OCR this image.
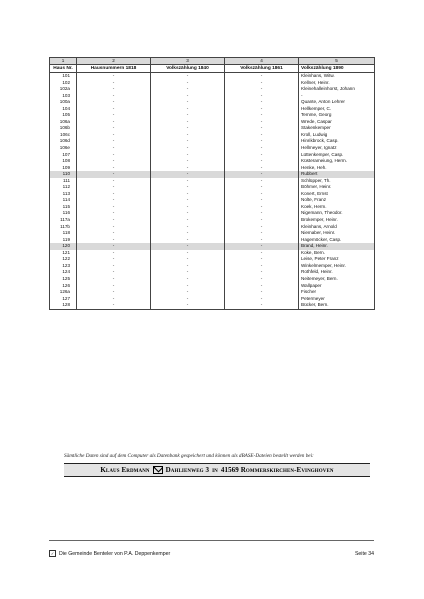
1	2	3	4	5
Haus Nr.	Hausnummern 1818	Volkszählung 1840	Volkszählung 1861	Volkszählung 1890
101	-	-	-	Kleinhans, Witw.
102	-	-	-	Kellner, Heinr.
102a	-	-	-	Kleinehalleinhorst, Johann
103	-	-	-	-
100a	-	-	-	Quante, Anton Lehrer
104	-	-	-	Hellkemper, C.
105	-	-	-	Temme, Georg
106a	-	-	-	Wrede, Caspar
106b	-	-	-	Stakenkemper
106c	-	-	-	Kroll, Ludwig
106d	-	-	-	Hinrikbrock, Casp.
106e	-	-	-	Hellmeyer, Ignatz
107	-	-	-	Lüttenkemper, Casp.
108	-	-	-	Küsterameiung, Herm.
109	-	-	-	Henke, Heh.
110	-	-	-	Rubbert
111	-	-	-	Schlüpper, Th.
112	-	-	-	Böhmer, Heinr.
113	-	-	-	Konert, Ernst
114	-	-	-	Nolte, Franz
115	-	-	-	Koek, Herm.
116	-	-	-	Nigemann, Theodor.
117a	-	-	-	Brokemper, Heinr.
117b	-	-	-	Kleinhans, Arnold
118	-	-	-	Niemaber, Heinr.
119	-	-	-	Hagemöcker, Casp.
120	-	-	-	Brand, Heinr.
121	-	-	-	Koke, Bern.
122	-	-	-	Leise, Peter Franz
123	-	-	-	Winkelmemper, Heinr.
124	-	-	-	Rothfeld, Heinr.
125	-	-	-	Neitemeyer, Bern.
126	-	-	-	Wallpaper
126a	-	-	-	Fischer
127	-	-	-	Petermeyer
128	-	-	-	Bücker, Bern.
Sämtliche Daten sind auf dem Computer als Datenbank gespeichert und können als dBASE-Dateien bestellt werden bei:
Klaus Erdmann Dahlienweg 3 in 41569 Rommerskirchen-Evinghoven
✓ Die Gemeinde Benteler von P.A. Deppenkemper	Seite 34
